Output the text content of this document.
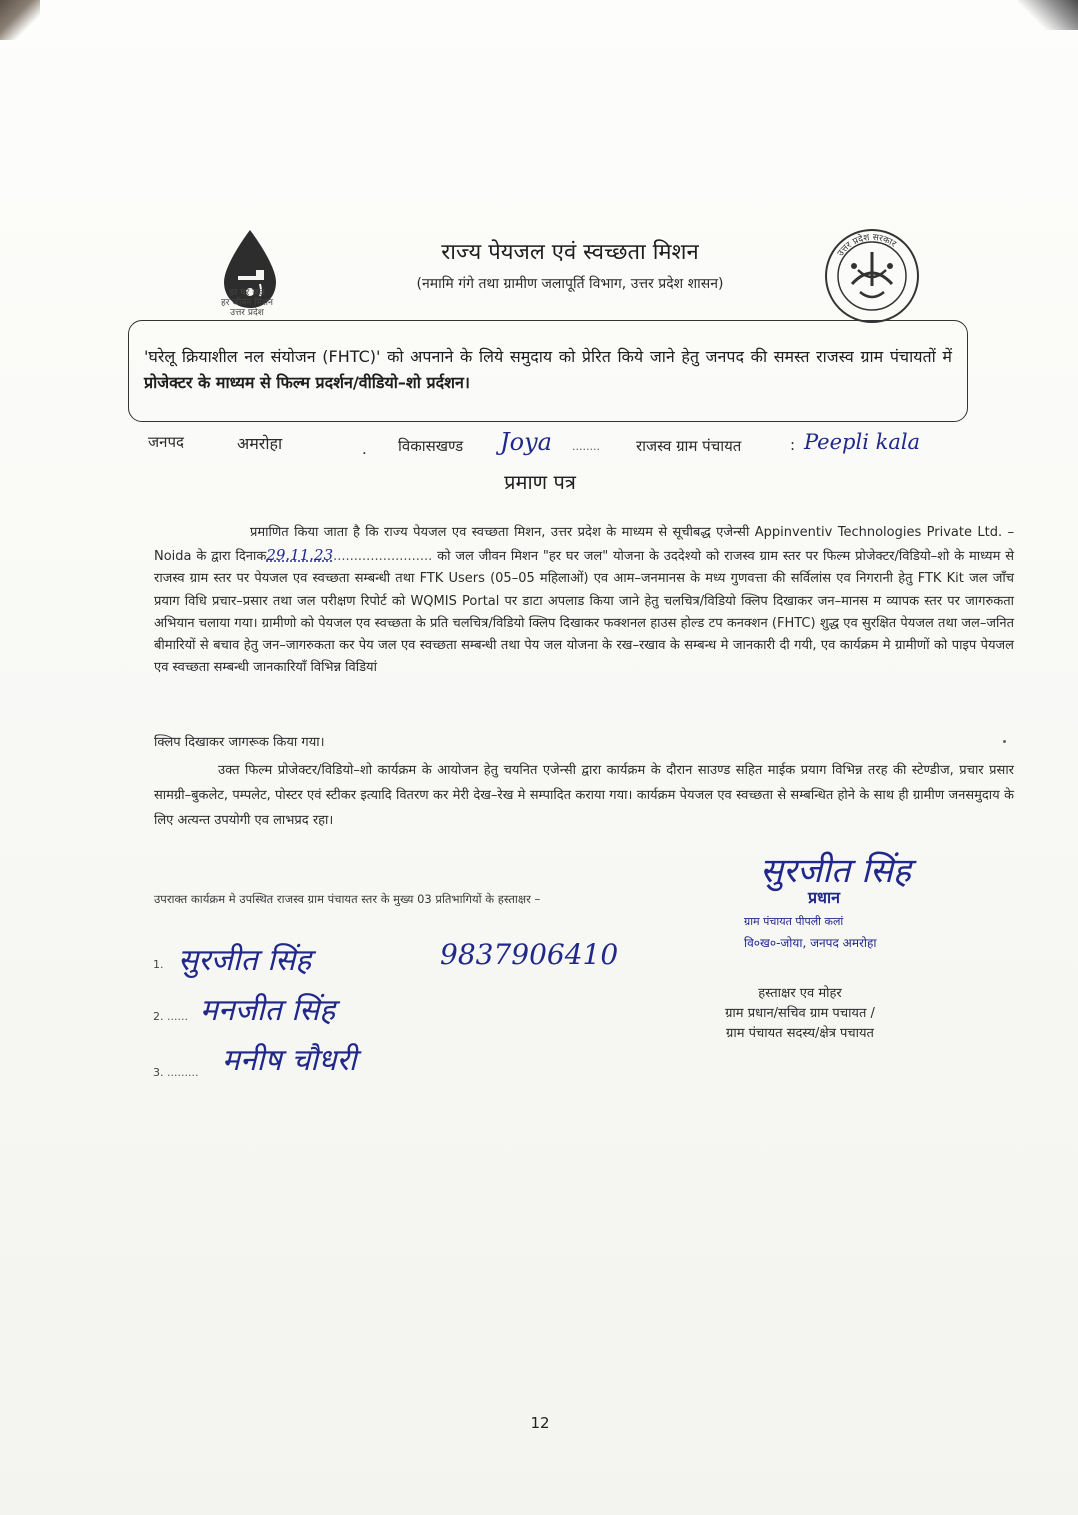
हर घर जल
हर जीवन मिशन
उत्तर प्रदेश
राज्य पेयजल एवं स्वच्छता मिशन
(नमामि गंगे तथा ग्रामीण जलापूर्ति विभाग, उत्तर प्रदेश शासन)
उत्तर प्रदेश सरकार
'घरेलू क्रियाशील नल संयोजन (FHTC)' को अपनाने के लिये समुदाय को प्रेरित किये जाने हेतु जनपद की समस्त राजस्व ग्राम पंचायतों में प्रोजेक्टर के माध्यम से फिल्म प्रदर्शन/वीडियो–शो प्रर्दशन।
जनपद	अमरोहा	. विकासखण्ड Joya ........ राजस्व ग्राम पंचायत	: Peepli kala
प्रमाण पत्र
प्रमाणित किया जाता है कि राज्य पेयजल एव स्वच्छता मिशन, उत्तर प्रदेश के माध्यम से सूचीबद्ध एजेन्सी Appinventiv Technologies Private Ltd. – Noida के द्वारा दिनाक29.11.23........................ को जल जीवन मिशन "हर घर जल" योजना के उददेश्यो को राजस्व ग्राम स्तर पर फिल्म प्रोजेक्टर/विडियो–शो के माध्यम से राजस्व ग्राम स्तर पर पेयजल एव स्वच्छता सम्बन्धी तथा FTK Users (05–05 महिलाओं) एव आम–जनमानस के मध्य गुणवत्ता की सर्विलांस एव निगरानी हेतु FTK Kit जल जाँच प्रयाग विधि प्रचार–प्रसार तथा जल परीक्षण रिपोर्ट को WQMIS Portal पर डाटा अपलाड किया जाने हेतु चलचित्र/विडियो क्लिप दिखाकर जन–मानस म व्यापक स्तर पर जागरुकता अभियान चलाया गया। ग्रामीणो को पेयजल एव स्वच्छता के प्रति चलचित्र/विडियो क्लिप दिखाकर फक्शनल हाउस होल्ड टप कनक्शन (FHTC) शुद्ध एव सुरक्षित पेयजल तथा जल–जनित बीमारियों से बचाव हेतु जन–जागरुकता कर पेय जल एव स्वच्छता सम्बन्धी तथा पेय जल योजना के रख–रखाव के सम्बन्ध मे जानकारी दी गयी, एव कार्यक्रम मे ग्रामीणों को पाइप पेयजल एव स्वच्छता सम्बन्धी जानकारियाँ विभिन्न विडियां
क्लिप दिखाकर जागरूक किया गया।
उक्त फिल्म प्रोजेक्टर/विडियो–शो कार्यक्रम के आयोजन हेतु चयनित एजेन्सी द्वारा कार्यक्रम के दौरान साउण्ड सहित माईक प्रयाग विभिन्न तरह की स्टेण्डीज, प्रचार प्रसार सामग्री–बुकलेट, पम्पलेट, पोस्टर एवं स्टीकर इत्यादि वितरण कर मेरी देख–रेख मे सम्पादित कराया गया। कार्यक्रम पेयजल एव स्वच्छता से सम्बन्धित होने के साथ ही ग्रामीण जनसमुदाय के लिए अत्यन्त उपयोगी एव लाभप्रद रहा।
सुरजीत सिंह
प्रधान
ग्राम पंचायत पीपली कलां
वि०ख०-जोया, जनपद अमरोहा
उपराक्त कार्यक्रम मे उपस्थित राजस्व ग्राम पंचायत स्तर के मुख्य 03 प्रतिभागियों के हस्ताक्षर –
1. सुरजीत सिंह	9837906410
2. ...... मनजीत सिंह
3. ......... मनीष चौधरी
हस्ताक्षर एव मोहर
ग्राम प्रधान/सचिव ग्राम पचायत /
ग्राम पंचायत सदस्य/क्षेत्र पचायत
12
